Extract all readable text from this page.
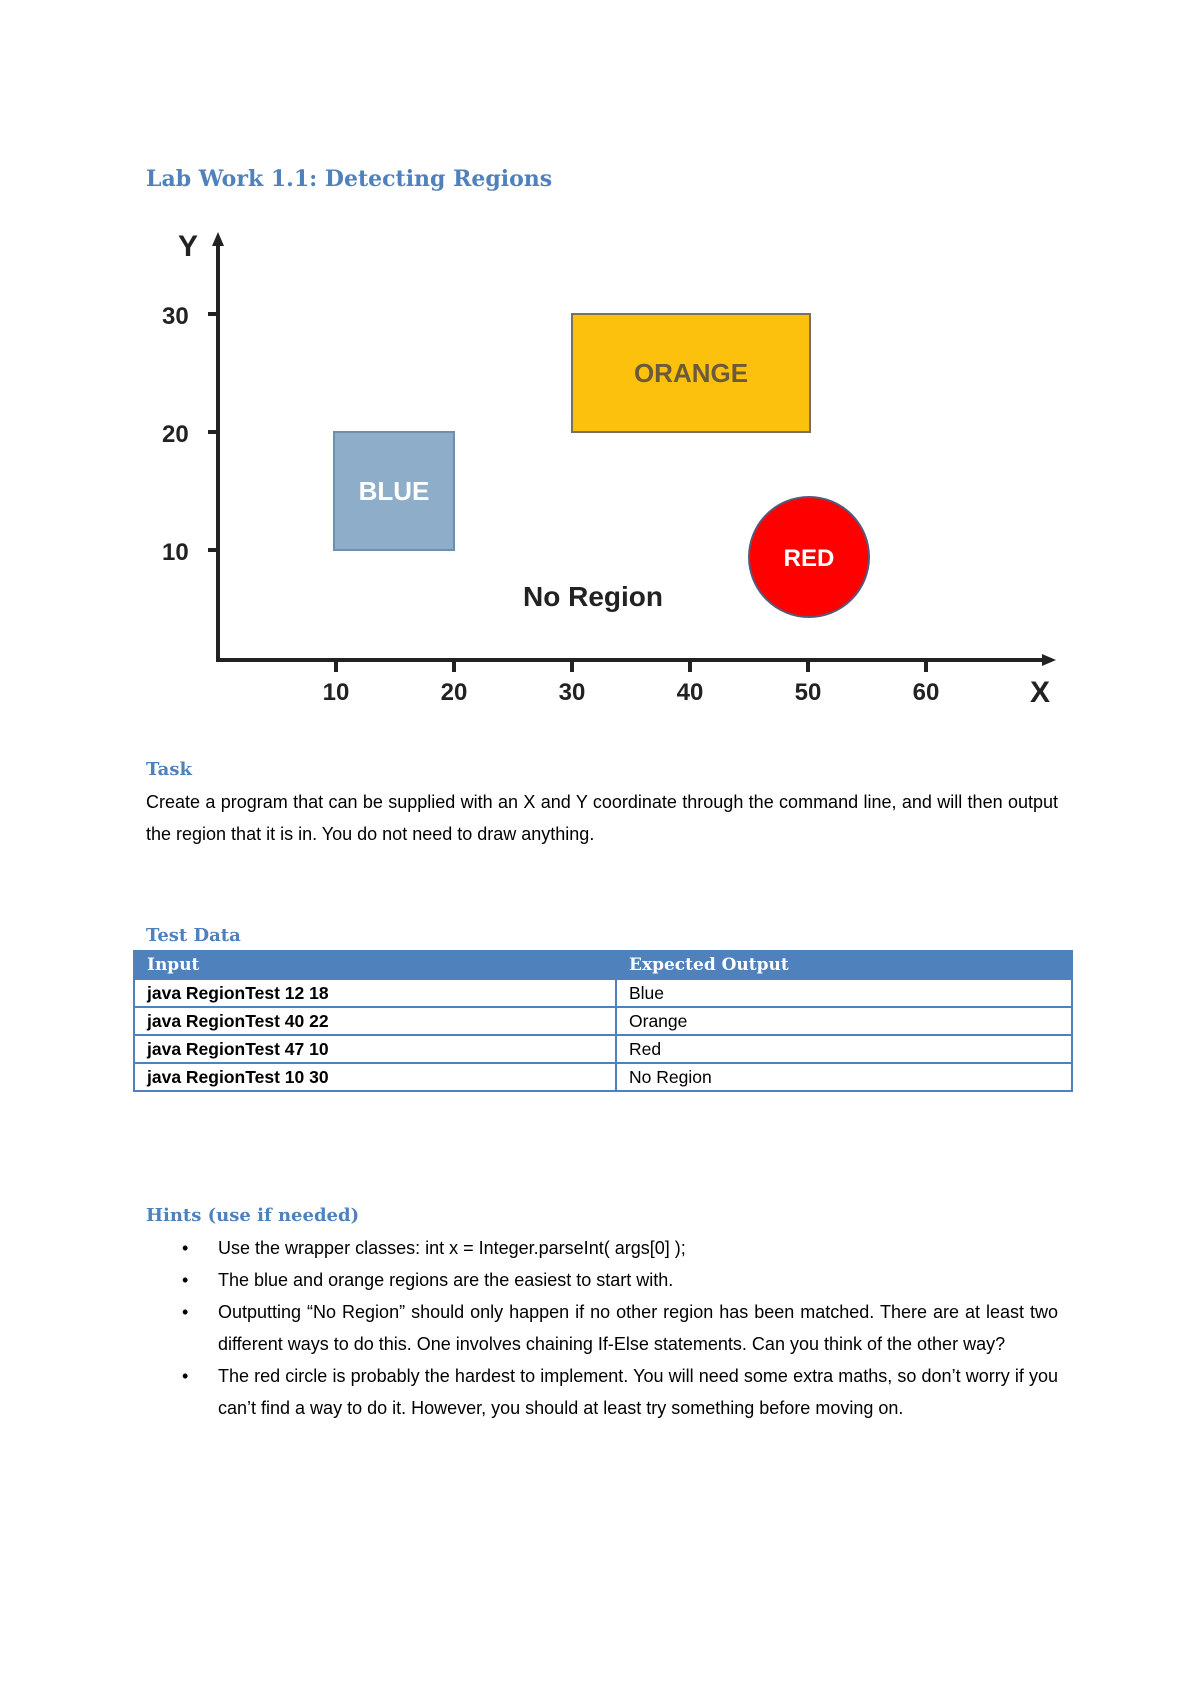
Lab Work 1.1: Detecting Regions
Y
X
30
20
10
10	20	30	40	50	60
BLUE
ORANGE
RED
No Region
Task

Create a program that can be supplied with an X and Y coordinate through the command line, and will then output the region that it is in. You do not need to draw anything.

Test Data
Input	Expected Output
java RegionTest 12 18	Blue
java RegionTest 40 22	Orange
java RegionTest 47 10	Red
java RegionTest 10 30	No Region
Hints (use if needed)
• Use the wrapper classes: int x = Integer.parseInt( args[0] );
• The blue and orange regions are the easiest to start with.
• Outputting “No Region” should only happen if no other region has been matched. There are at least two different ways to do this. One involves chaining If-Else statements. Can you think of the other way?
• The red circle is probably the hardest to implement. You will need some extra maths, so don’t worry if you can’t find a way to do it. However, you should at least try something before moving on.
